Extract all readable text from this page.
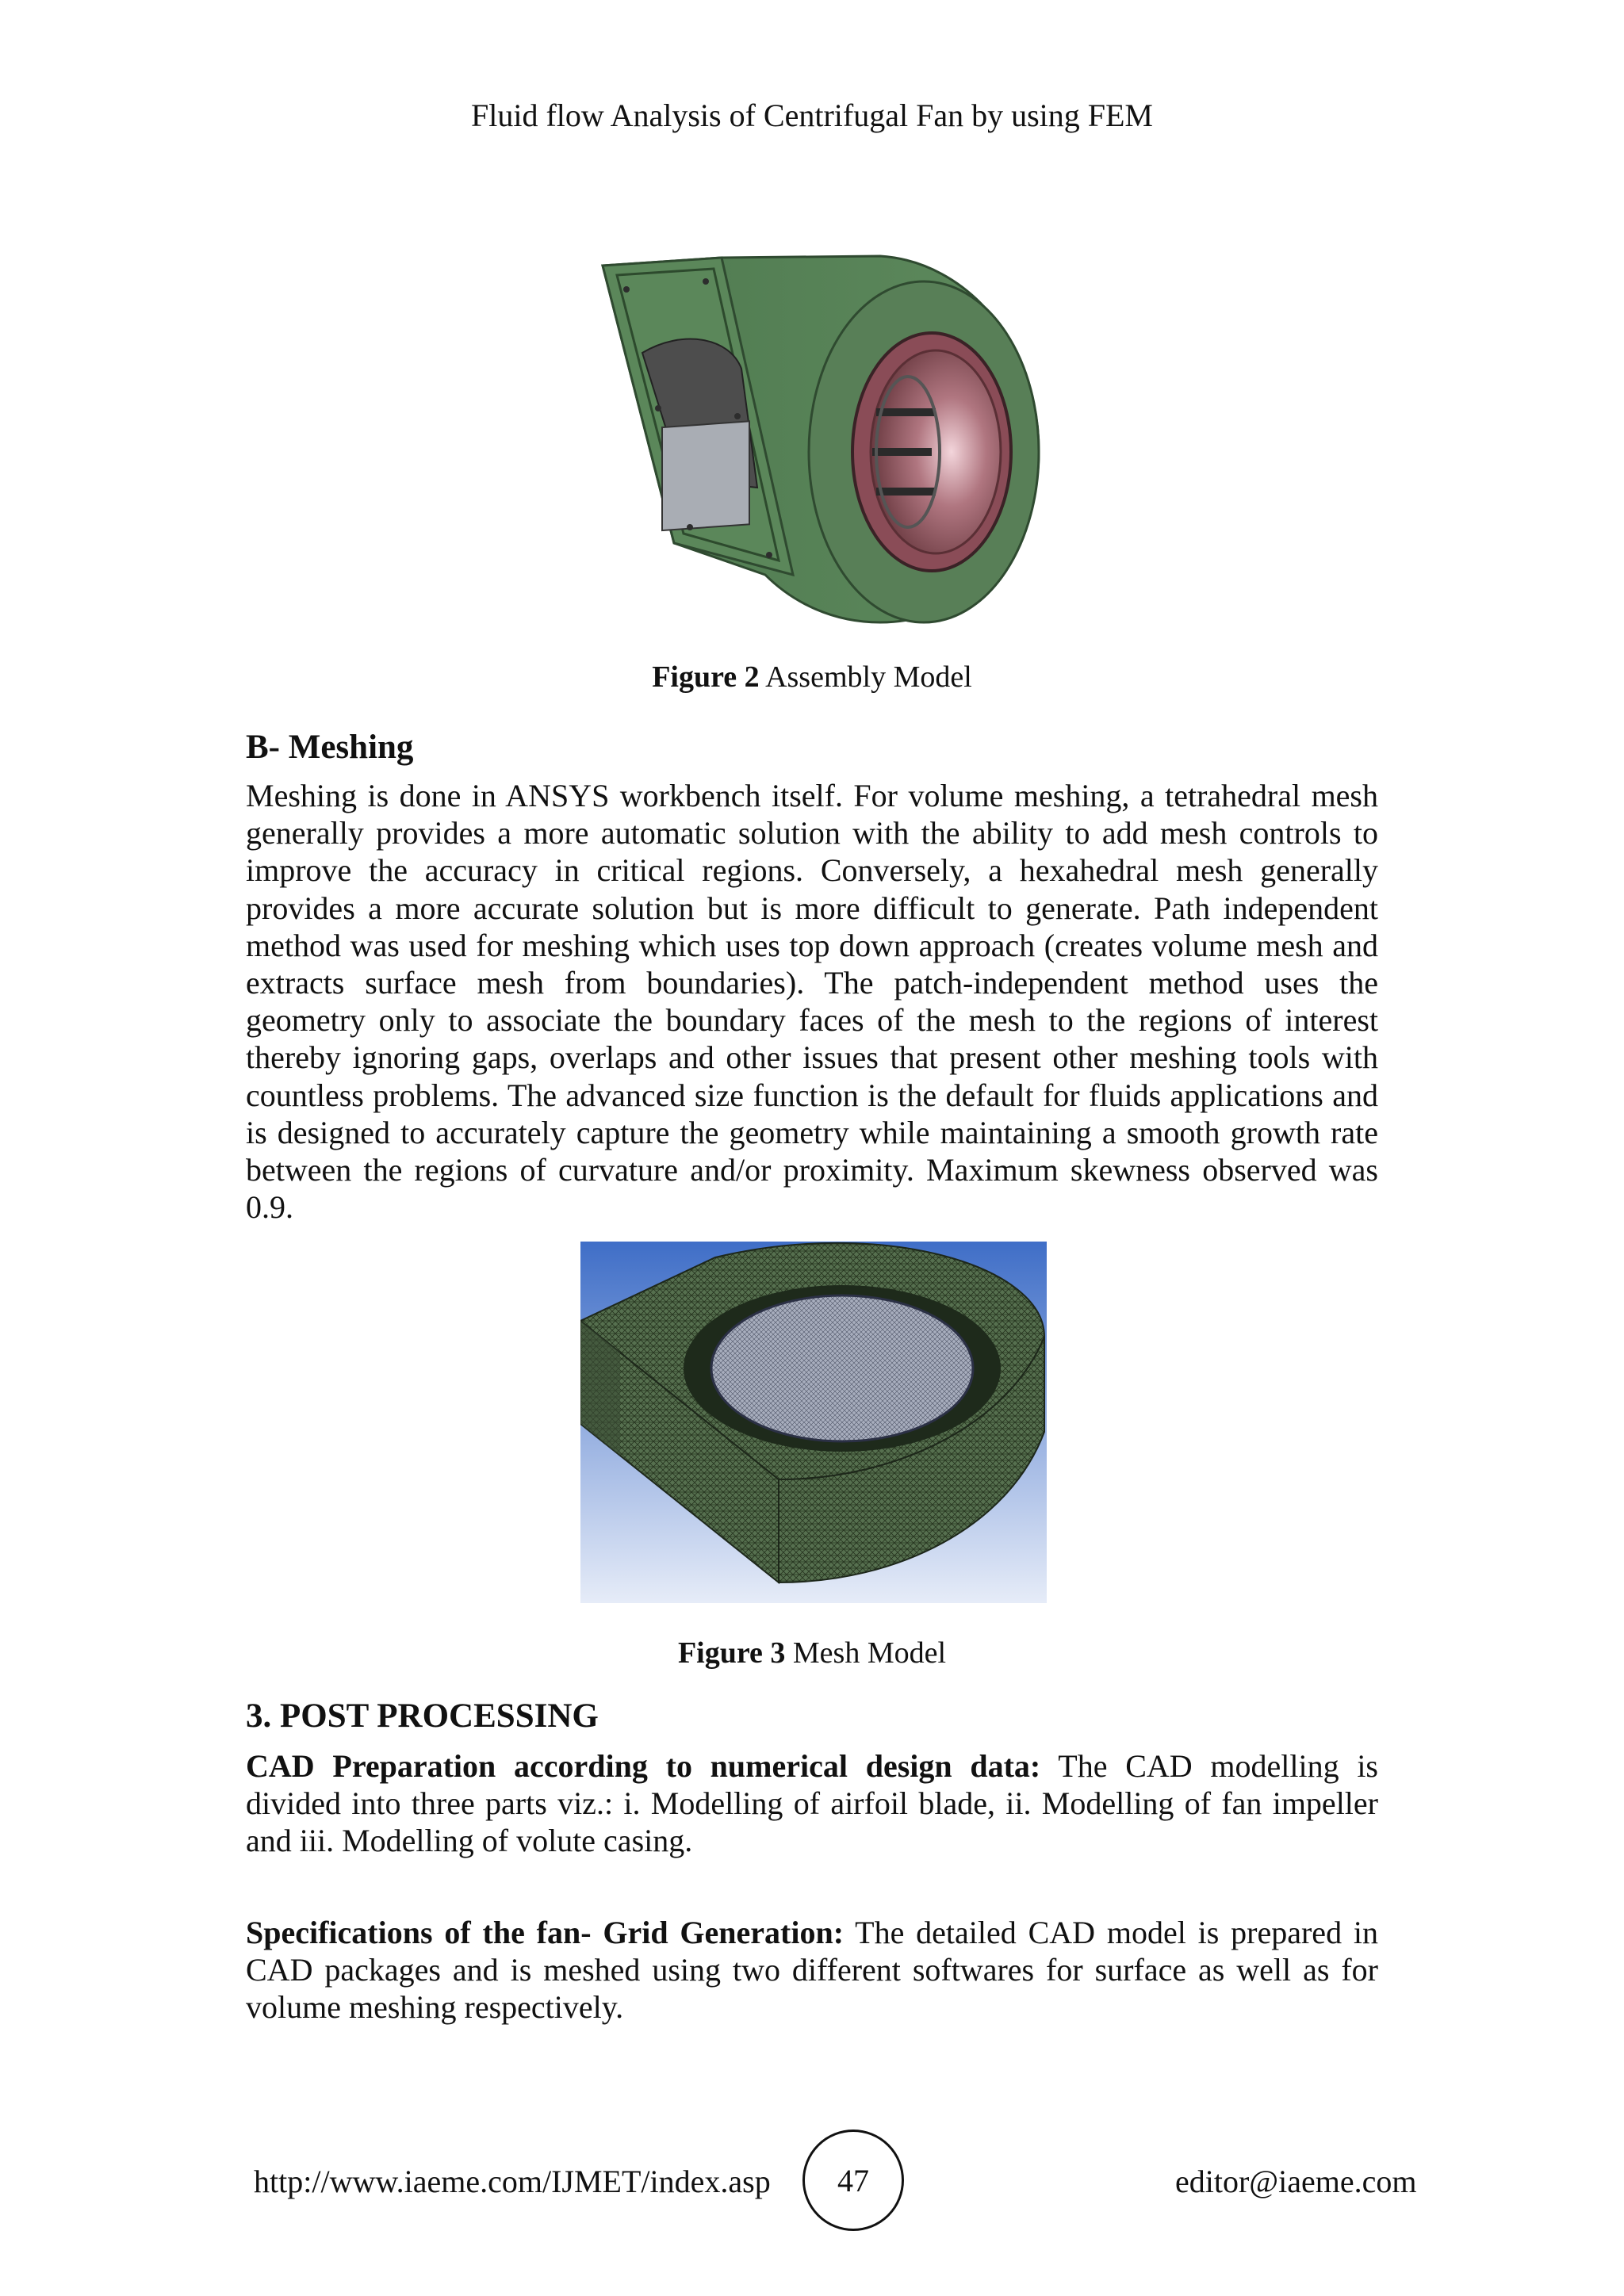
Fluid flow Analysis of Centrifugal Fan by using FEM
Figure 2 Assembly Model
B- Meshing

Meshing is done in ANSYS workbench itself. For volume meshing, a tetrahedral mesh generally provides a more automatic solution with the ability to add mesh controls to improve the accuracy in critical regions. Conversely, a hexahedral mesh generally provides a more accurate solution but is more difficult to generate. Path independent method was used for meshing which uses top down approach (creates volume mesh and extracts surface mesh from boundaries). The patch-independent method uses the geometry only to associate the boundary faces of the mesh to the regions of interest thereby ignoring gaps, overlaps and other issues that present other meshing tools with countless problems. The advanced size function is the default for fluids applications and is designed to accurately capture the geometry while maintaining a smooth growth rate between the regions of curvature and/or proximity. Maximum skewness observed was 0.9.

Figure 3 Mesh Model
3. POST PROCESSING

CAD Preparation according to numerical design data: The CAD modelling is divided into three parts viz.: i. Modelling of airfoil blade, ii. Modelling of fan impeller and iii. Modelling of volute casing.

Specifications of the fan- Grid Generation: The detailed CAD model is prepared in CAD packages and is meshed using two different softwares for surface as well as for volume meshing respectively.

http://www.iaeme.com/IJMET/index.asp	47	editor@iaeme.com
